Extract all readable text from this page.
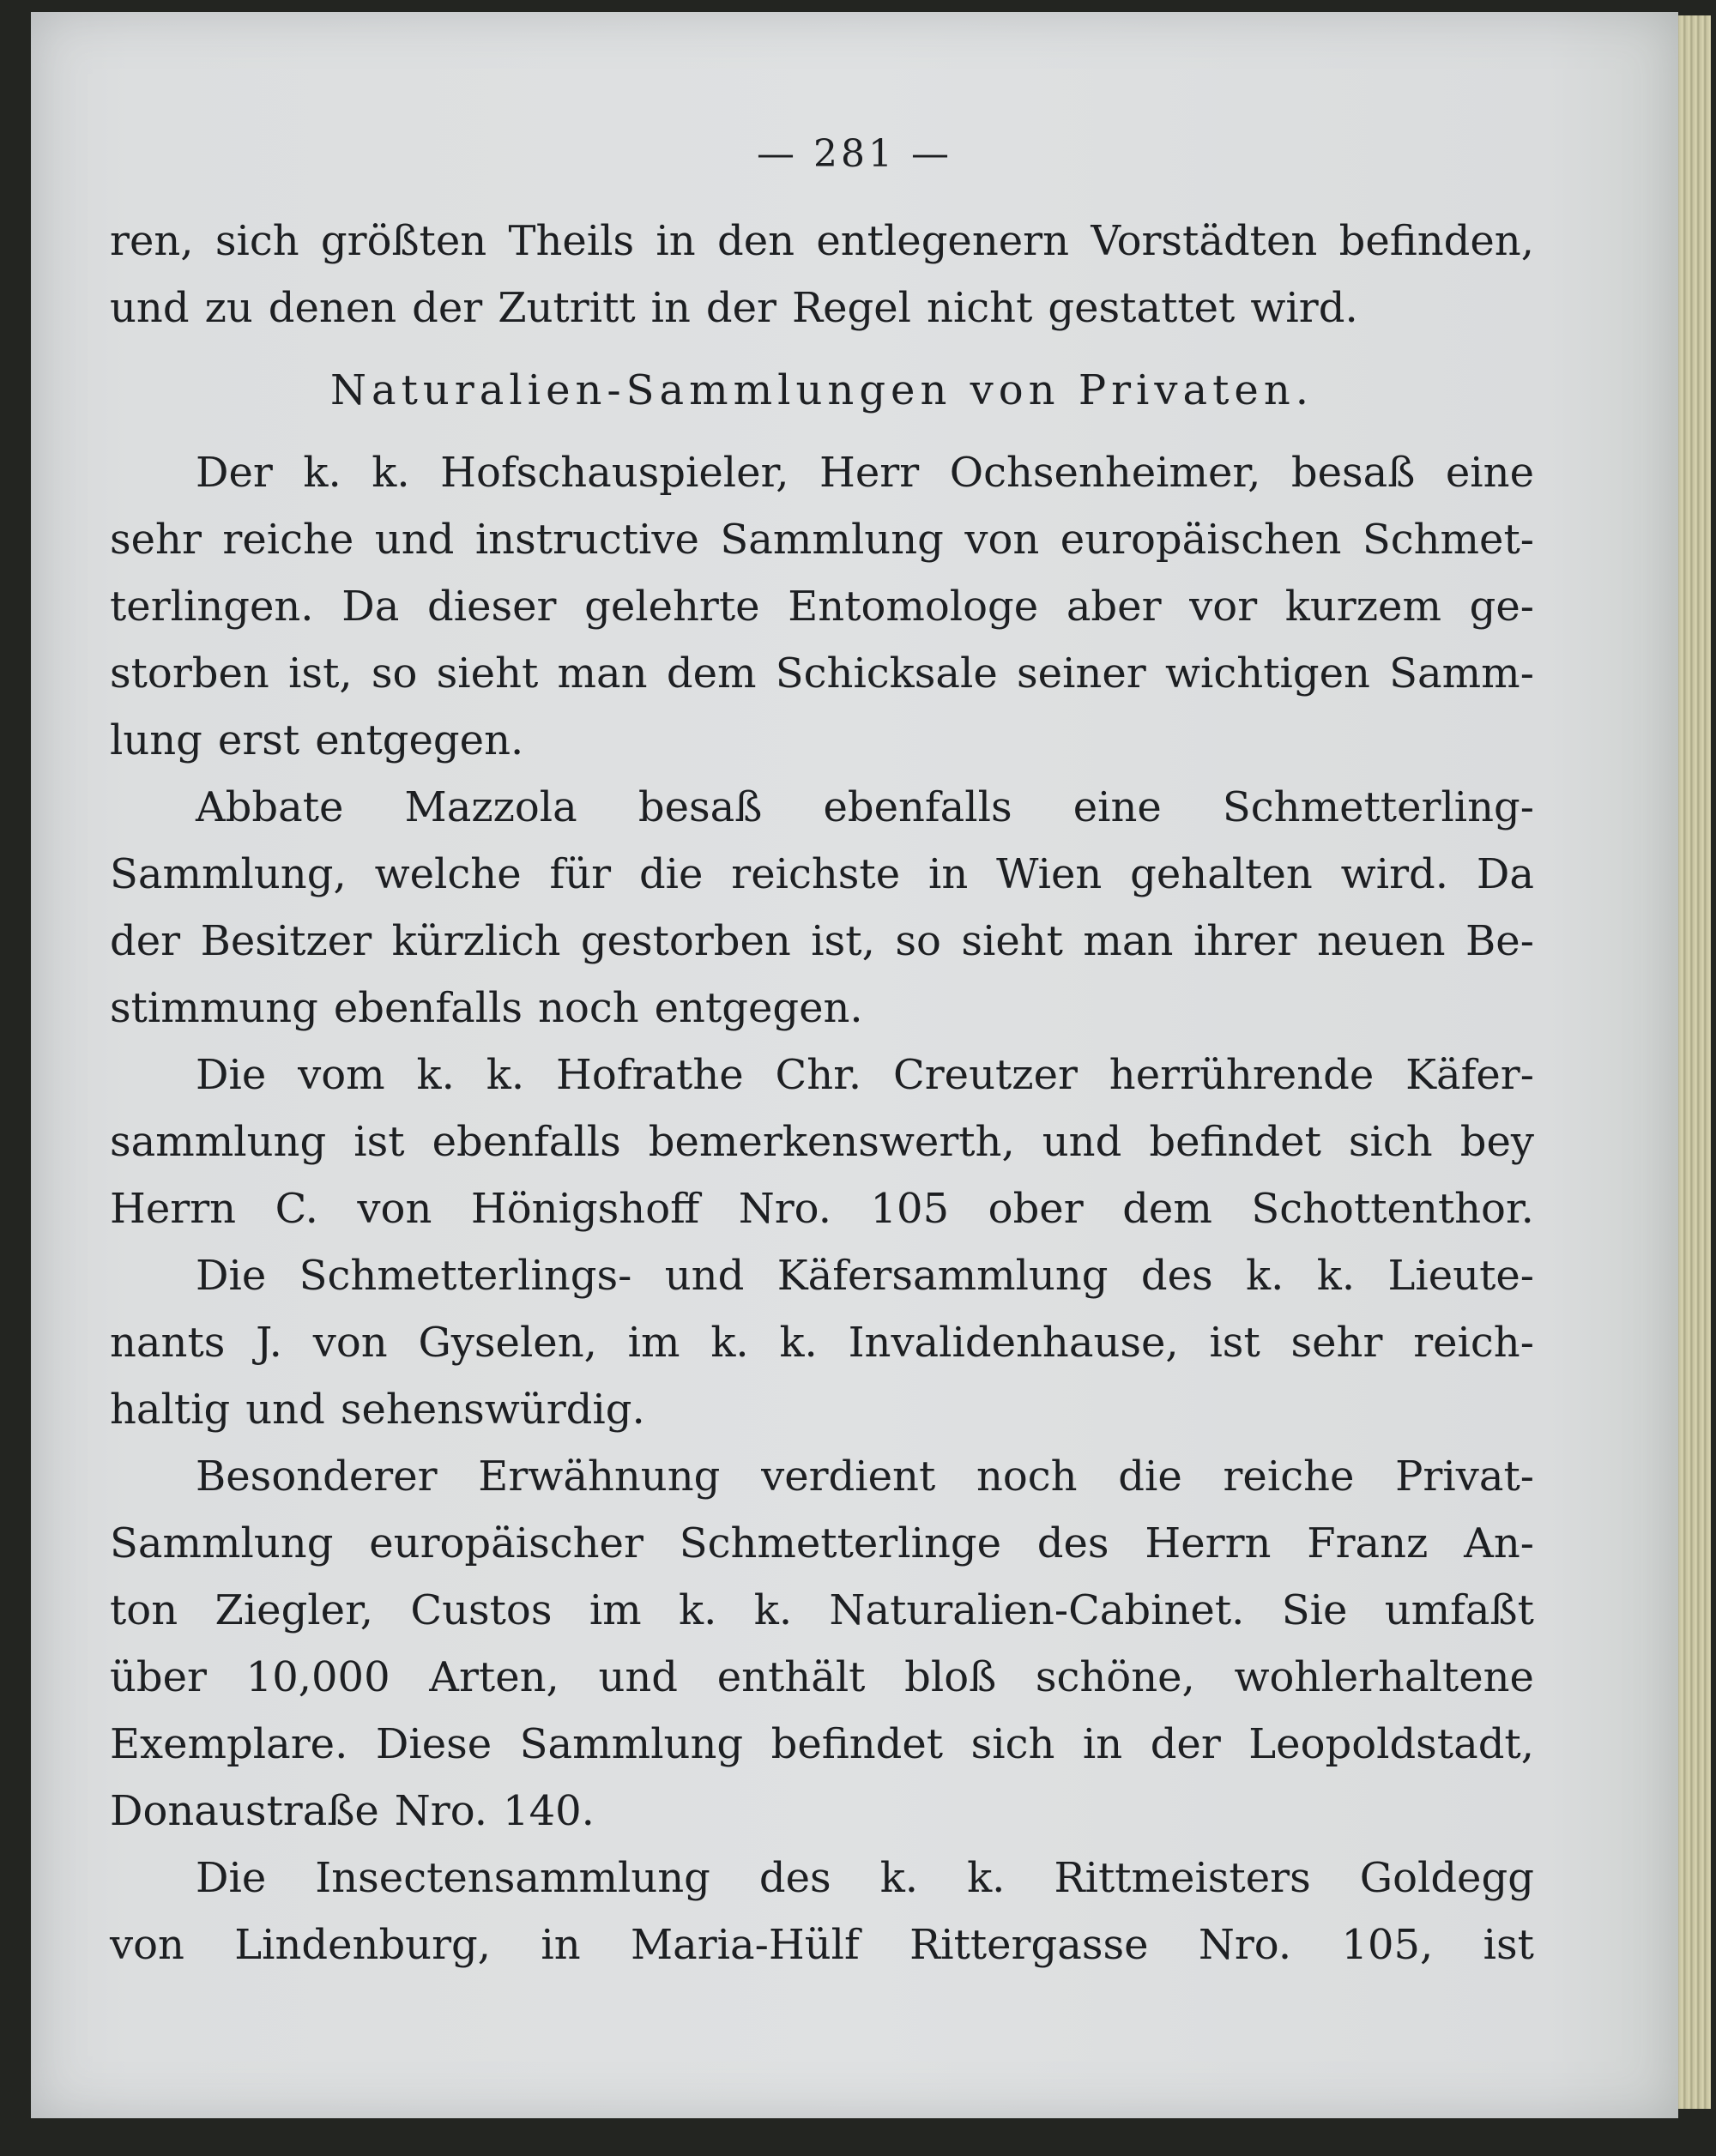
— 281 —
ren, sich größten Theils in den entlegenern Vorstädten befinden,
und zu denen der Zutritt in der Regel nicht gestattet wird.
Naturalien-Sammlungen von Privaten.
Der k. k. Hofschauspieler, Herr Ochsenheimer, besaß eine
sehr reiche und instructive Sammlung von europäischen Schmet-
terlingen. Da dieser gelehrte Entomologe aber vor kurzem ge-
storben ist, so sieht man dem Schicksale seiner wichtigen Samm-
lung erst entgegen.
Abbate Mazzola besaß ebenfalls eine Schmetterling-
Sammlung, welche für die reichste in Wien gehalten wird. Da
der Besitzer kürzlich gestorben ist, so sieht man ihrer neuen Be-
stimmung ebenfalls noch entgegen.
Die vom k. k. Hofrathe Chr. Creutzer herrührende Käfer-
sammlung ist ebenfalls bemerkenswerth, und befindet sich bey
Herrn C. von Hönigshoff Nro. 105 ober dem Schottenthor.
Die Schmetterlings- und Käfersammlung des k. k. Lieute-
nants J. von Gyselen, im k. k. Invalidenhause, ist sehr reich-
haltig und sehenswürdig.
Besonderer Erwähnung verdient noch die reiche Privat-
Sammlung europäischer Schmetterlinge des Herrn Franz An-
ton Ziegler, Custos im k. k. Naturalien-Cabinet. Sie umfaßt
über 10,000 Arten, und enthält bloß schöne, wohlerhaltene
Exemplare. Diese Sammlung befindet sich in der Leopoldstadt,
Donaustraße Nro. 140.
Die Insectensammlung des k. k. Rittmeisters Goldegg
von Lindenburg, in Maria-Hülf Rittergasse Nro. 105, ist
